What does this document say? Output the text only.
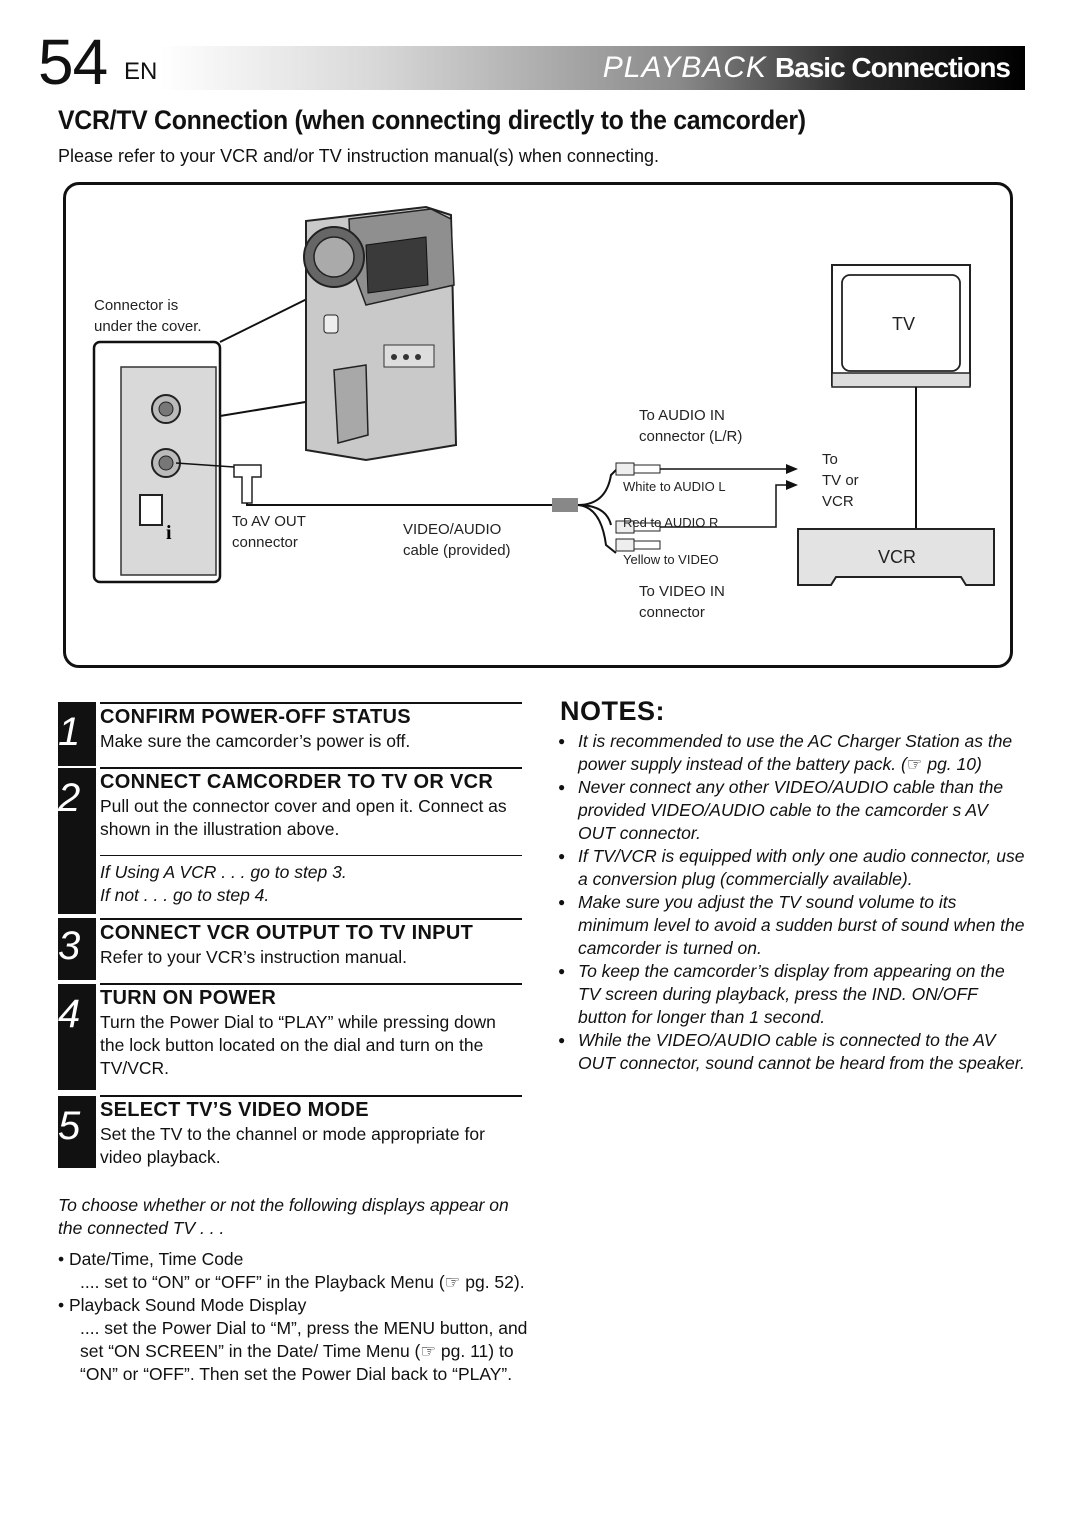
54 EN	PLAYBACK Basic Connections
VCR/TV Connection (when connecting directly to the camcorder)
Please refer to your VCR and/or TV instruction manual(s) when connecting.
i
Connector is
under the cover.
To AV OUT
connector
VIDEO/AUDIO
cable (provided)
To AUDIO IN
connector (L/R)
White to AUDIO L
Red to AUDIO R
Yellow to VIDEO
To VIDEO IN
connector
To
TV or
VCR
TV
VCR
1 CONFIRM POWER-OFF STATUS
Make sure the camcorder’s power is off.
2 CONNECT CAMCORDER TO TV OR VCR
Pull out the connector cover and open it. Connect as shown in the illustration above.
If Using A VCR . . . go to step 3.
If not . . . go to step 4.
3 CONNECT VCR OUTPUT TO TV INPUT
Refer to your VCR’s instruction manual.
4 TURN ON POWER
Turn the Power Dial to “PLAY” while pressing down the lock button located on the dial and turn on the TV/VCR.
5 SELECT TV’S VIDEO MODE
Set the TV to the channel or mode appropriate for video playback.
To choose whether or not the following displays appear on the connected TV . . .
• Date/Time, Time Code
.... set to “ON” or “OFF” in the Playback Menu (☞ pg. 52).
• Playback Sound Mode Display
.... set the Power Dial to “M”, press the MENU button, and set “ON SCREEN” in the Date/ Time Menu (☞ pg. 11) to “ON” or “OFF”. Then set the Power Dial back to “PLAY”.
NOTES:
● It is recommended to use the AC Charger Station as the power supply instead of the battery pack. (☞ pg. 10)
● Never connect any other VIDEO/AUDIO cable than the provided VIDEO/AUDIO cable to the camcorder s AV OUT connector.
● If TV/VCR is equipped with only one audio connector, use a conversion plug (commercially available).
● Make sure you adjust the TV sound volume to its minimum level to avoid a sudden burst of sound when the camcorder is turned on.
● To keep the camcorder’s display from appearing on the TV screen during playback, press the IND. ON/OFF button for longer than 1 second.
● While the VIDEO/AUDIO cable is connected to the AV OUT connector, sound cannot be heard from the speaker.
